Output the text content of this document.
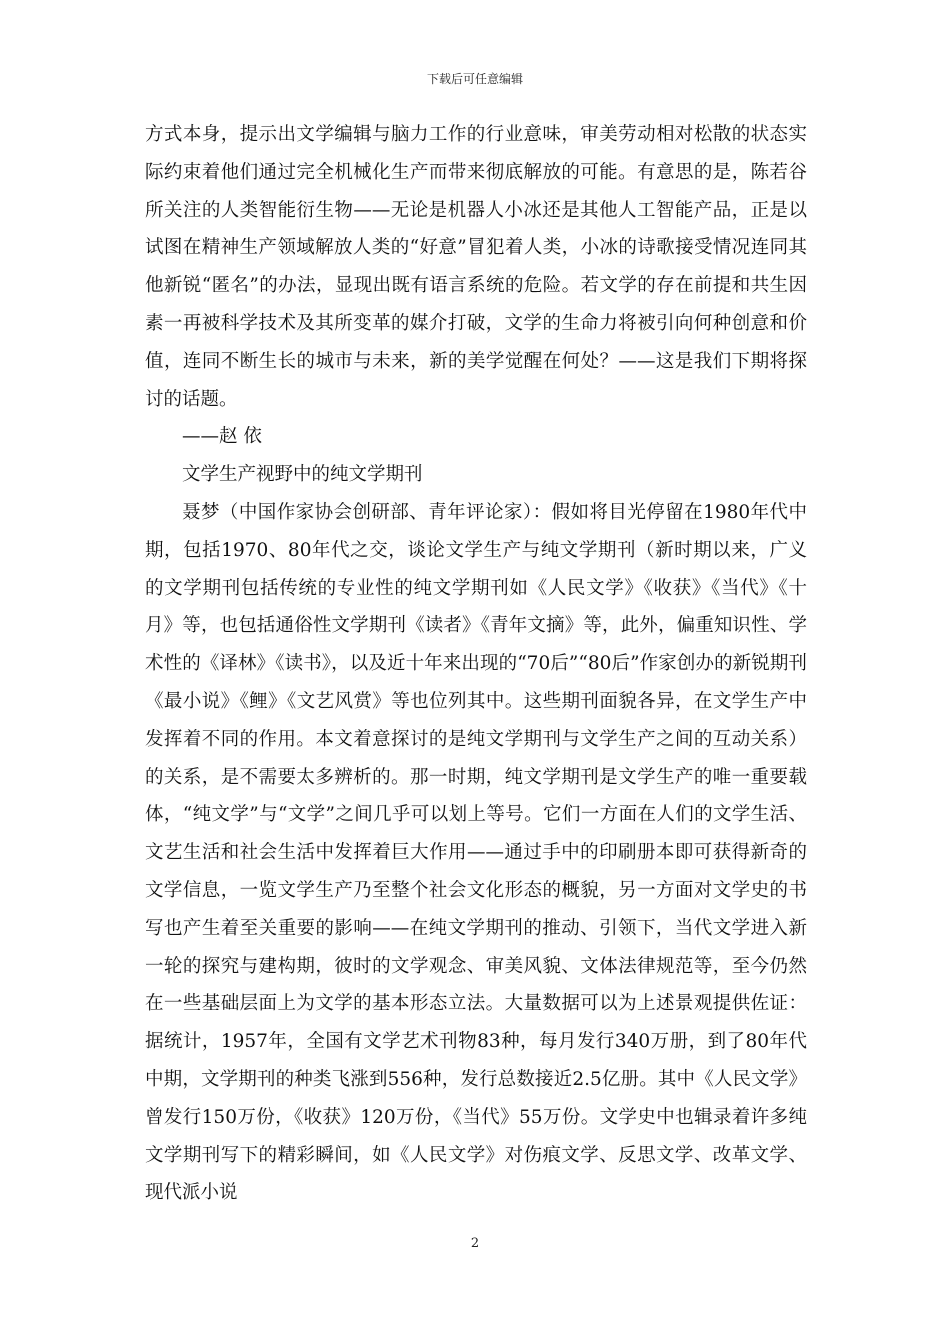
下载后可任意编辑

方式本身，提示出文学编辑与脑力工作的行业意味，审美劳动相对松散的状态实际约束着他们通过完全机械化生产而带来彻底解放的可能。有意思的是，陈若谷所关注的人类智能衍生物——无论是机器人小冰还是其他人工智能产品，正是以试图在精神生产领域解放人类的“好意”冒犯着人类，小冰的诗歌接受情况连同其他新锐“匿名”的办法，显现出既有语言系统的危险。若文学的存在前提和共生因素一再被科学技术及其所变革的媒介打破，文学的生命力将被引向何种创意和价值，连同不断生长的城市与未来，新的美学觉醒在何处？——这是我们下期将探讨的话题。

——赵 依

文学生产视野中的纯文学期刊

聂梦（中国作家协会创研部、青年评论家）：假如将目光停留在1980年代中期，包括1970、80年代之交，谈论文学生产与纯文学期刊（新时期以来，广义的文学期刊包括传统的专业性的纯文学期刊如《人民文学》《收获》《当代》《十月》等，也包括通俗性文学期刊《读者》《青年文摘》等，此外，偏重知识性、学术性的《译林》《读书》，以及近十年来出现的“70后”“80后”作家创办的新锐期刊《最小说》《鲤》《文艺风赏》等也位列其中。这些期刊面貌各异，在文学生产中发挥着不同的作用。本文着意探讨的是纯文学期刊与文学生产之间的互动关系）的关系，是不需要太多辨析的。那一时期，纯文学期刊是文学生产的唯一重要载体，“纯文学”与“文学”之间几乎可以划上等号。它们一方面在人们的文学生活、文艺生活和社会生活中发挥着巨大作用——通过手中的印刷册本即可获得新奇的文学信息，一览文学生产乃至整个社会文化形态的概貌，另一方面对文学史的书写也产生着至关重要的影响——在纯文学期刊的推动、引领下，当代文学进入新一轮的探究与建构期，彼时的文学观念、审美风貌、文体法律规范等，至今仍然在一些基础层面上为文学的基本形态立法。大量数据可以为上述景观提供佐证：据统计，1957年，全国有文学艺术刊物83种，每月发行340万册，到了80年代中期，文学期刊的种类飞涨到556种，发行总数接近2.5亿册。其中《人民文学》曾发行150万份，《收获》120万份，《当代》55万份。文学史中也辑录着许多纯文学期刊写下的精彩瞬间，如《人民文学》对伤痕文学、反思文学、改革文学、现代派小说

2
